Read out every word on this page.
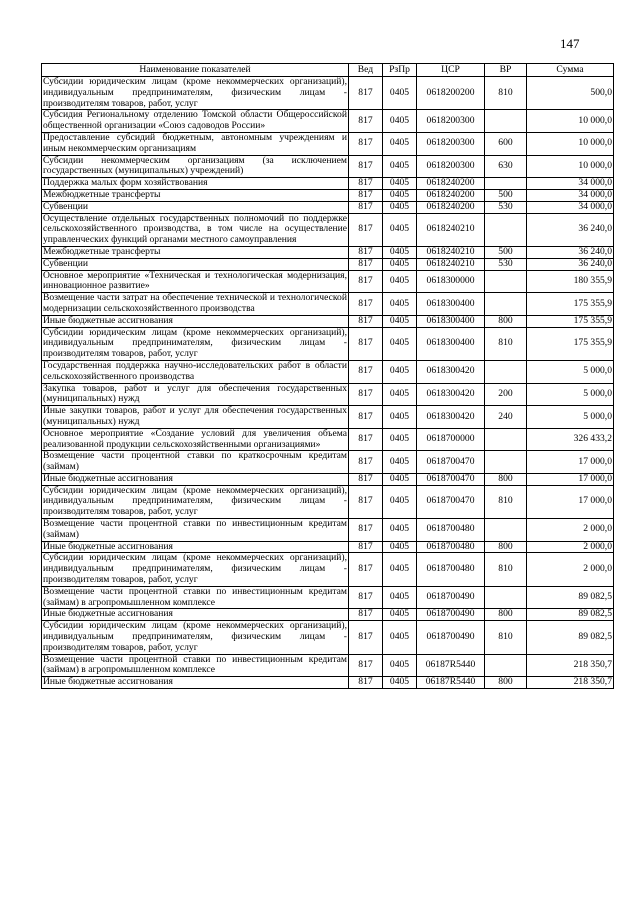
147
Наименование показателей	Вед	РзПр	ЦСР	ВР	Сумма
Субсидии юридическим лицам (кроме некоммерческих организаций), индивидуальным предпринимателям, физическим лицам - производителям товаров, работ, услуг	817	0405	0618200200	810	500,0
Субсидия Региональному отделению Томской области Общероссийской общественной организации «Союз садоводов России»	817	0405	0618200300		10 000,0
Предоставление субсидий бюджетным, автономным учреждениям и иным некоммерческим организациям	817	0405	0618200300	600	10 000,0
Субсидии некоммерческим организациям (за исключением государственных (муниципальных) учреждений)	817	0405	0618200300	630	10 000,0
Поддержка малых форм хозяйствования	817	0405	0618240200		34 000,0
Межбюджетные трансферты	817	0405	0618240200	500	34 000,0
Субвенции	817	0405	0618240200	530	34 000,0
Осуществление отдельных государственных полномочий по поддержке сельскохозяйственного производства, в том числе на осуществление управленческих функций органами местного самоуправления	817	0405	0618240210		36 240,0
Межбюджетные трансферты	817	0405	0618240210	500	36 240,0
Субвенции	817	0405	0618240210	530	36 240,0
Основное мероприятие «Техническая и технологическая модернизация, инновационное развитие»	817	0405	0618300000		180 355,9
Возмещение части затрат на обеспечение технической и технологической модернизации сельскохозяйственного производства	817	0405	0618300400		175 355,9
Иные бюджетные ассигнования	817	0405	0618300400	800	175 355,9
Субсидии юридическим лицам (кроме некоммерческих организаций), индивидуальным предпринимателям, физическим лицам - производителям товаров, работ, услуг	817	0405	0618300400	810	175 355,9
Государственная поддержка научно-исследовательских работ в области сельскохозяйственного производства	817	0405	0618300420		5 000,0
Закупка товаров, работ и услуг для обеспечения государственных (муниципальных) нужд	817	0405	0618300420	200	5 000,0
Иные закупки товаров, работ и услуг для обеспечения государственных (муниципальных) нужд	817	0405	0618300420	240	5 000,0
Основное мероприятие «Создание условий для увеличения объема реализованной продукции сельскохозяйственными организациями»	817	0405	0618700000		326 433,2
Возмещение части процентной ставки по краткосрочным кредитам (займам)	817	0405	0618700470		17 000,0
Иные бюджетные ассигнования	817	0405	0618700470	800	17 000,0
Субсидии юридическим лицам (кроме некоммерческих организаций), индивидуальным предпринимателям, физическим лицам - производителям товаров, работ, услуг	817	0405	0618700470	810	17 000,0
Возмещение части процентной ставки по инвестиционным кредитам (займам)	817	0405	0618700480		2 000,0
Иные бюджетные ассигнования	817	0405	0618700480	800	2 000,0
Субсидии юридическим лицам (кроме некоммерческих организаций), индивидуальным предпринимателям, физическим лицам - производителям товаров, работ, услуг	817	0405	0618700480	810	2 000,0
Возмещение части процентной ставки по инвестиционным кредитам (займам) в агропромышленном комплексе	817	0405	0618700490		89 082,5
Иные бюджетные ассигнования	817	0405	0618700490	800	89 082,5
Субсидии юридическим лицам (кроме некоммерческих организаций), индивидуальным предпринимателям, физическим лицам - производителям товаров, работ, услуг	817	0405	0618700490	810	89 082,5
Возмещение части процентной ставки по инвестиционным кредитам (займам) в агропромышленном комплексе	817	0405	06187R5440		218 350,7
Иные бюджетные ассигнования	817	0405	06187R5440	800	218 350,7
